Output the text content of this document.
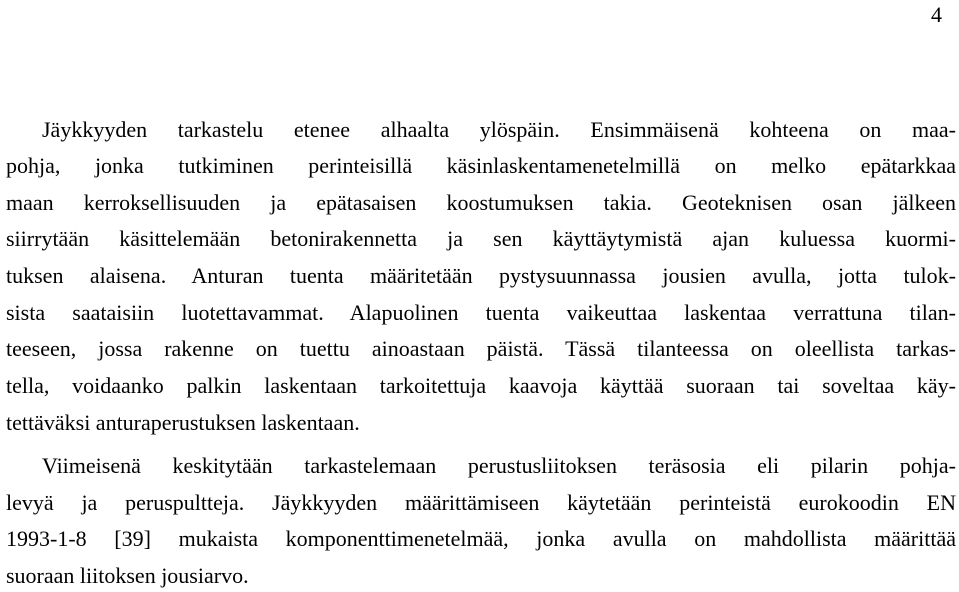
4
Jäykkyyden tarkastelu etenee alhaalta ylöspäin. Ensimmäisenä kohteena on maa-
pohja, jonka tutkiminen perinteisillä käsinlaskentamenetelmillä on melko epätarkkaa
maan kerroksellisuuden ja epätasaisen koostumuksen takia. Geoteknisen osan jälkeen
siirrytään käsittelemään betonirakennetta ja sen käyttäytymistä ajan kuluessa kuormi-
tuksen alaisena. Anturan tuenta määritetään pystysuunnassa jousien avulla, jotta tulok-
sista saataisiin luotettavammat. Alapuolinen tuenta vaikeuttaa laskentaa verrattuna tilan-
teeseen, jossa rakenne on tuettu ainoastaan päistä. Tässä tilanteessa on oleellista tarkas-
tella, voidaanko palkin laskentaan tarkoitettuja kaavoja käyttää suoraan tai soveltaa käy-
tettäväksi anturaperustuksen laskentaan.
Viimeisenä keskitytään tarkastelemaan perustusliitoksen teräsosia eli pilarin pohja-
levyä ja peruspultteja. Jäykkyyden määrittämiseen käytetään perinteistä eurokoodin EN
1993-1-8 [39] mukaista komponenttimenetelmää, jonka avulla on mahdollista määrittää
suoraan liitoksen jousiarvo.
